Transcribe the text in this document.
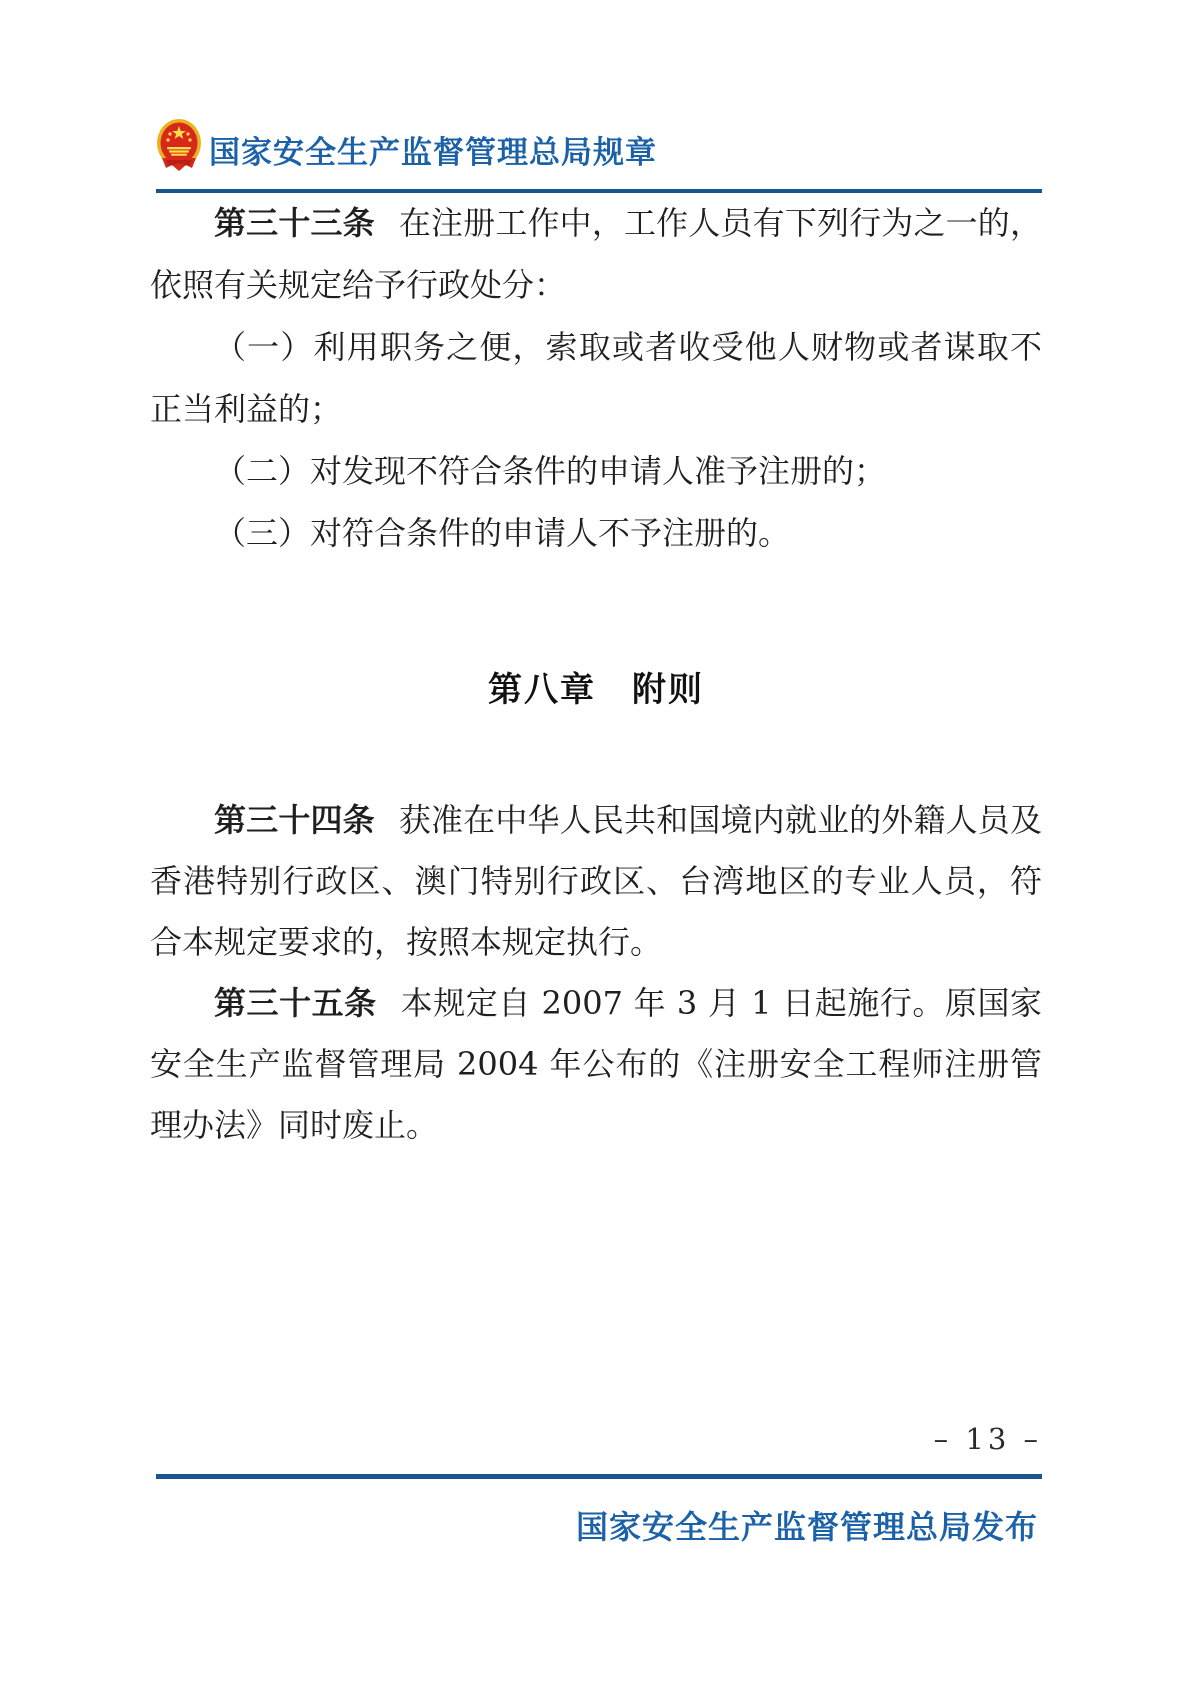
国家安全生产监督管理总局规章

第三十三条 在注册工作中，工作人员有下列行为之一的，依照有关规定给予行政处分：

（一）利用职务之便，索取或者收受他人财物或者谋取不正当利益的；

（二）对发现不符合条件的申请人准予注册的；

（三）对符合条件的申请人不予注册的。

第八章　附则

第三十四条 获准在中华人民共和国境内就业的外籍人员及香港特别行政区、澳门特别行政区、台湾地区的专业人员，符合本规定要求的，按照本规定执行。

第三十五条 本规定自 2007 年 3 月 1 日起施行。原国家安全生产监督管理局 2004 年公布的《注册安全工程师注册管理办法》同时废止。

– 13 –
国家安全生产监督管理总局发布
